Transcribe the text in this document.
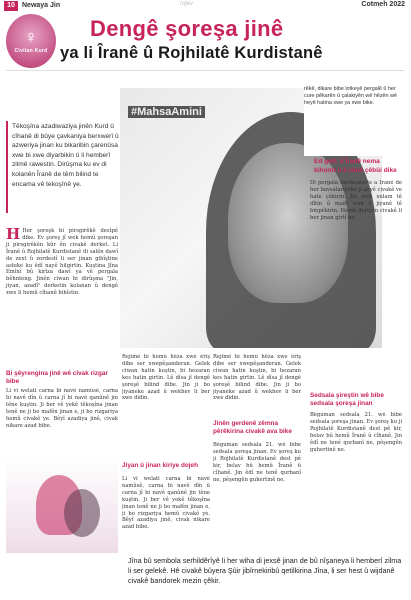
10	Newaya Jin	rojev	Cotmeh 2022
♀
Civilan Kurd
Dengê şoreşa jinê
ya li Îranê û Rojhilatê Kurdistanê
#MahsaAmini
Têkoşîna azadiwaziya jinên Kurd û cîhanê di bûye çavkaniya berxwerî û azweriya jinan ku bikaribin çarenûsa xwe bi xwe diyarbikin û li hemberî zilmê rawestin. Dirûşma ku ev di kolanên Îranê de têm bilind te encama vê tekoşînê ye.
rêkê, dikare bibe lotkeyê pergalê û her cure pêkarên û çalakiyên wê hêzên wê heyê hatina xwe ya xwe bike.
Ed gotî: li Îranê nema bihomt û li zimê çêbûi dike
H Her şoreşk bi pirsgirêkê destpê dike. Ev şoreş jî wek hemû şoreşan ji pirsgirêkên kûr ên civakê derket. Li Îranê û Rojhilatê Kurdistanê di salên dawî de zext û zordestî li ser jinan gihîştine asteke ku êdî nayê hilgirtin. Kuştina Jîna Emînî bû kirîza dawî ya vê pergala bêhnteng. Jinên ciwan bi dirûşma "Jin, jiyan, azadî" derketin kolanan û dengê xwe li hemû cîhanê bihîstin.
Bi şêyrengina jinê wê cîvak rizgar bibe
Li vî welatî carna bi navê namûsê, carna bi navê dîn û carna jî bi navê qanûnê jin têne kuştin. Ji ber vê yekê têkoşîna jinan tenê ne ji bo mafên jinan e, ji bo rizgariya hemû civakê ye. Bêyî azadiya jinê, civak nikare azad bibe.
Jiyan û jinan kiriye dojeh
Rejîmê bi hemû hêza xwe êrîş dibe ser xwepêşanderan. Gelek ciwan hatin kuştin, bi hezaran kes hatin girtin. Lê dîsa jî dengê şoreşê bilind dibe. Jin ji bo jiyaneke azad û wekhev li ber xwe didin.
Li vî welatî carna bi navê namûsê, carna bi navê dîn û carna jî bi navê qanûnê jin têne kuştin. Ji ber vê yekê têkoşîna jinan tenê ne ji bo mafên jinan e, ji bo rizgariya hemû civakê ye. Bêyî azadiya jinê, civak nikare azad bibe.
Jinên gerdenê zêmna pêrêkirina civakê ava bike
Rejîmê bi hemû hêza xwe êrîş dibe ser xwepêşanderan. Gelek ciwan hatin kuştin, bi hezaran kes hatin girtin. Lê dîsa jî dengê şoreşê bilind dibe. Jin ji bo jiyaneke azad û wekhev li ber xwe didin.
Bêguman sedsala 21. wê bibe sedsala şoreşa jinan. Ev şoreş ku ji Rojhilatê Kurdistanê dest pê kir, belav bû hemû Îranê û cîhanê. Jin êdî ne tenê qurbanî ne, pêşengên guhertinê ne.
Di pergala baviksalarîe a Îranê de her bavsalarîyeke ji aliyê civakê ve hate çêkirin. Jin wek xulam tê dîtin û mafê wan ê jiyanê tê binpêkirin. Hemû deriyên civakê li ber jinan girtî ne.
Sedsala şireştin wê bibe sedsala şoreşa jinan
Bêguman sedsala 21. wê bibe sedsala şoreşa jinan. Ev şoreş ku ji Rojhilatê Kurdistanê dest pê kir, belav bû hemû Îranê û cîhanê. Jin êdî ne tenê qurbanî ne, pêşengên guhertinê ne.
Jîna bû sembola serhildêrîyê li her wiha di jexsê jinan de bû nîşaneya li hemberî zilma li ser gelekê. Hê civakê bûyera Şûir jibîrnekiribû qetilkirina Jîna, li ser hest û wijdanê civakê bandorek mezin çêkir.
